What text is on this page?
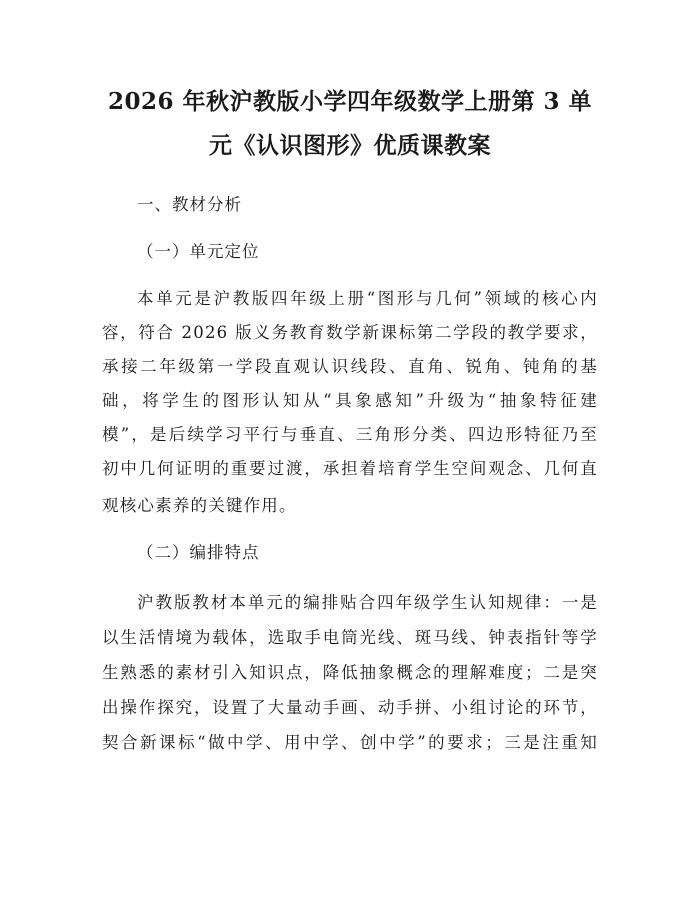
2026 年秋沪教版小学四年级数学上册第 3 单
元《认识图形》优质课教案
一、教材分析
（一）单元定位
本单元是沪教版四年级上册“图形与几何”领域的核心内
容，符合 2026 版义务教育数学新课标第二学段的教学要求，
承接二年级第一学段直观认识线段、直角、锐角、钝角的基
础，将学生的图形认知从“具象感知”升级为“抽象特征建
模”，是后续学习平行与垂直、三角形分类、四边形特征乃至
初中几何证明的重要过渡，承担着培育学生空间观念、几何直
观核心素养的关键作用。
（二）编排特点
沪教版教材本单元的编排贴合四年级学生认知规律：一是
以生活情境为载体，选取手电筒光线、斑马线、钟表指针等学
生熟悉的素材引入知识点，降低抽象概念的理解难度；二是突
出操作探究，设置了大量动手画、动手拼、小组讨论的环节，
契合新课标“做中学、用中学、创中学”的要求；三是注重知
